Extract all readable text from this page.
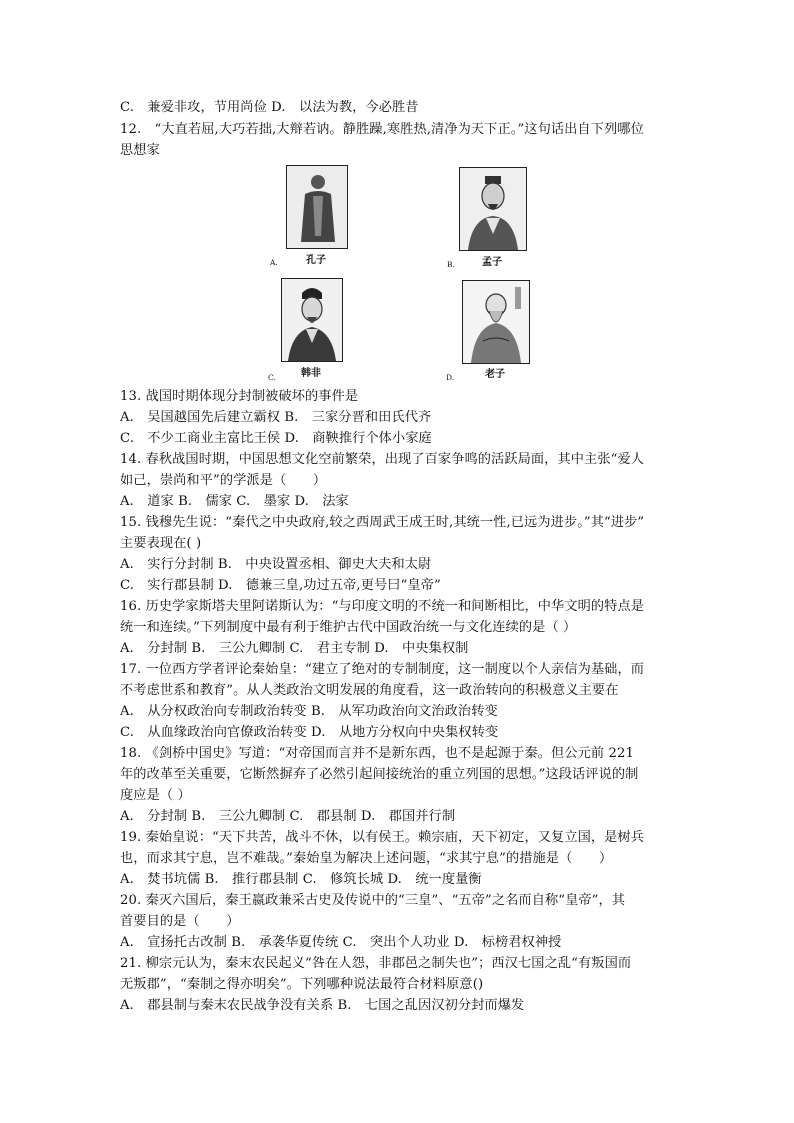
C.　兼爱非攻，节用尚俭 D.　以法为教，今必胜昔
12.　“大直若屈,大巧若拙,大辩若讷。静胜躁,寒胜热,清净为天下正。”这句话出自下列哪位
思想家
A.	孔子	B.	孟子
C.	韩非	D.	老子
13. 战国时期体现分封制被破坏的事件是
A.　吴国越国先后建立霸权 B.　三家分晋和田氏代齐
C.　不少工商业主富比王侯 D.　商鞅推行个体小家庭
14. 春秋战国时期，中国思想文化空前繁荣，出现了百家争鸣的活跃局面，其中主张“爱人
如己，崇尚和平”的学派是（　　）
A.　道家 B.　儒家 C.　墨家 D.　法家
15. 钱穆先生说：“秦代之中央政府,较之西周武王成王时,其统一性,已远为进步。”其“进步”
主要表现在( )
A.　实行分封制 B.　中央设置丞相、御史大夫和太尉
C.　实行郡县制 D.　德兼三皇,功过五帝,更号曰“皇帝”
16. 历史学家斯塔夫里阿诺斯认为：“与印度文明的不统一和间断相比，中华文明的特点是
统一和连续。”下列制度中最有利于维护古代中国政治统一与文化连续的是（ ）
A.　分封制 B.　三公九卿制 C.　君主专制 D.　中央集权制
17. 一位西方学者评论秦始皇：“建立了绝对的专制制度，这一制度以个人亲信为基础，而
不考虑世系和教育”。从人类政治文明发展的角度看，这一政治转向的积极意义主要在
A.　从分权政治向专制政治转变 B.　从军功政治向文治政治转变
C.　从血缘政治向官僚政治转变 D.　从地方分权向中央集权转变
18. 《剑桥中国史》写道：“对帝国而言并不是新东西，也不是起源于秦。但公元前 221
年的改革至关重要，它断然摒弃了必然引起间接统治的重立列国的思想。”这段话评说的制
度应是（ ）
A.　分封制 B.　三公九卿制 C.　郡县制 D.　郡国并行制
19. 秦始皇说：“天下共苦，战斗不休，以有侯王。赖宗庙，天下初定，又复立国，是树兵
也，而求其宁息，岂不难哉。”秦始皇为解决上述问题，“求其宁息”的措施是（　　）
A.　焚书坑儒 B.　推行郡县制 C.　修筑长城 D.　统一度量衡
20. 秦灭六国后，秦王嬴政兼采古史及传说中的“三皇”、“五帝”之名而自称“皇帝”，其
首要目的是（　　）
A.　宣扬托古改制 B.　承袭华夏传统 C.　突出个人功业 D.　标榜君权神授
21. 柳宗元认为，秦末农民起义“咎在人怨，非郡邑之制失也”；西汉七国之乱“有叛国而
无叛郡”，“秦制之得亦明矣”。下列哪种说法最符合材料原意()
A.　郡县制与秦末农民战争没有关系 B.　七国之乱因汉初分封而爆发
